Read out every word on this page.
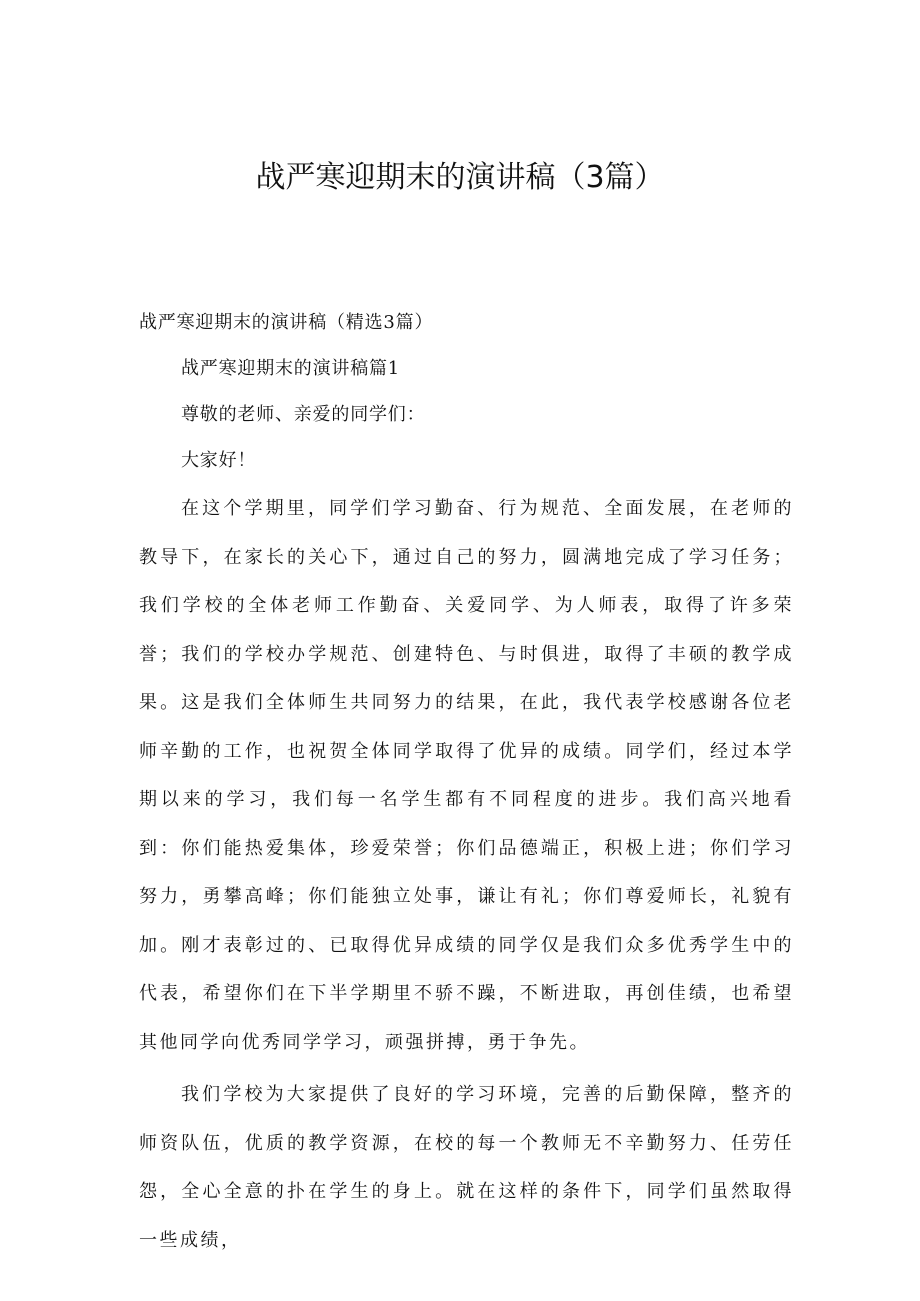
战严寒迎期末的演讲稿（3篇）

战严寒迎期末的演讲稿（精选3篇）

战严寒迎期末的演讲稿篇1

尊敬的老师、亲爱的同学们：

大家好！

在这个学期里，同学们学习勤奋、行为规范、全面发展，在老师的教导下，在家长的关心下，通过自己的努力，圆满地完成了学习任务；我们学校的全体老师工作勤奋、关爱同学、为人师表，取得了许多荣誉；我们的学校办学规范、创建特色、与时俱进，取得了丰硕的教学成果。这是我们全体师生共同努力的结果，在此，我代表学校感谢各位老师辛勤的工作，也祝贺全体同学取得了优异的成绩。同学们，经过本学期以来的学习，我们每一名学生都有不同程度的进步。我们高兴地看到：你们能热爱集体，珍爱荣誉；你们品德端正，积极上进；你们学习努力，勇攀高峰；你们能独立处事，谦让有礼；你们尊爱师长，礼貌有加。刚才表彰过的、已取得优异成绩的同学仅是我们众多优秀学生中的代表，希望你们在下半学期里不骄不躁，不断进取，再创佳绩，也希望其他同学向优秀同学学习，顽强拼搏，勇于争先。

我们学校为大家提供了良好的学习环境，完善的后勤保障，整齐的师资队伍，优质的教学资源，在校的每一个教师无不辛勤努力、任劳任怨，全心全意的扑在学生的身上。就在这样的条件下，同学们虽然取得一些成绩，
